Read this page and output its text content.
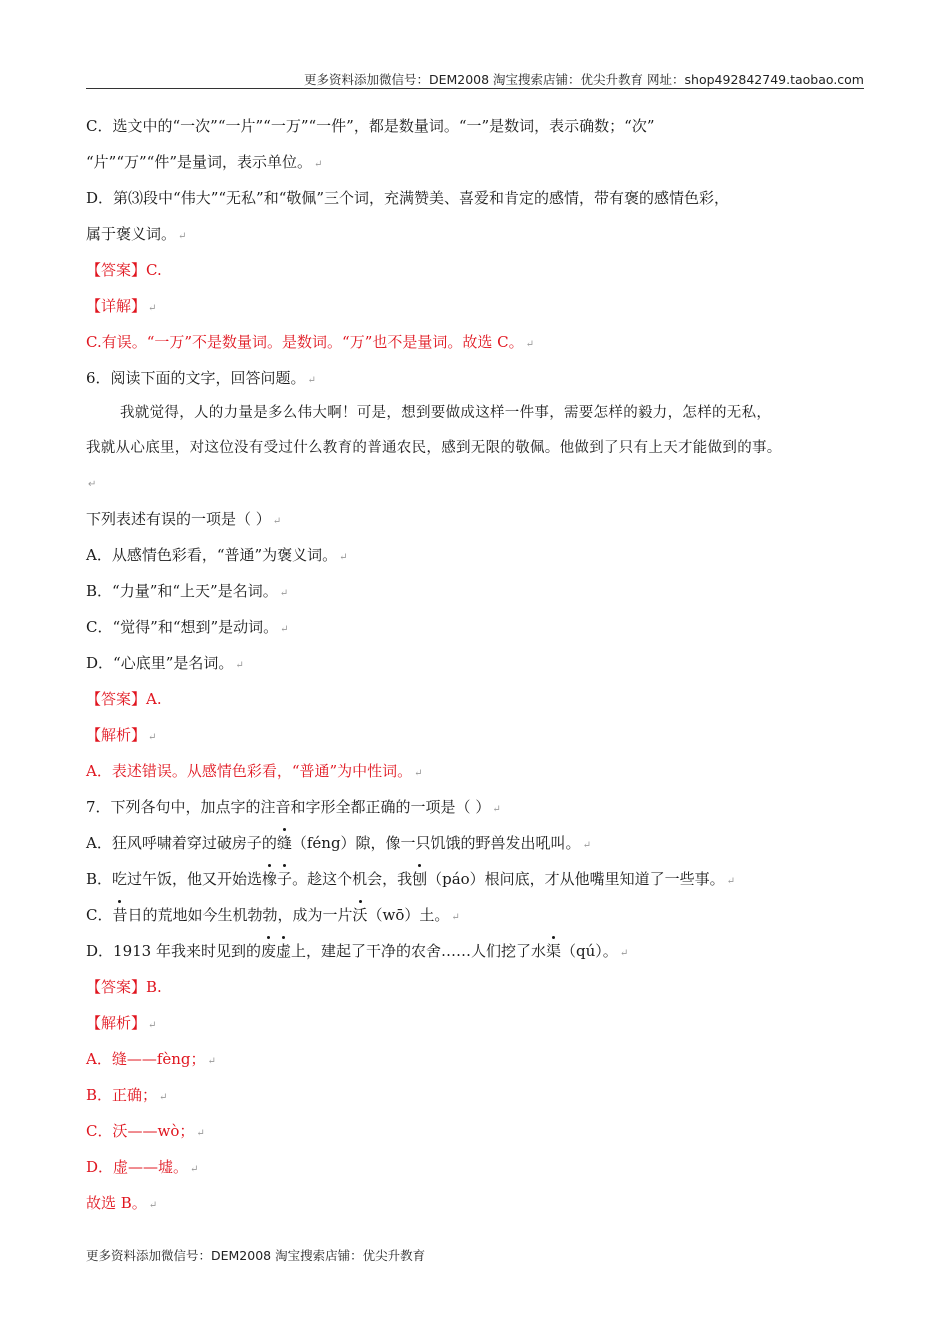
更多资料添加微信号：DEM2008 淘宝搜索店铺：优尖升教育 网址：shop492842749.taobao.com
C．选文中的“一次”“一片”“一万”“一件”，都是数量词。“一”是数词，表示确数；“次”
“片”“万”“件”是量词，表示单位。 ↵
D．第⑶段中“伟大”“无私”和“敬佩”三个词，充满赞美、喜爱和肯定的感情，带有褒的感情色彩，
属于褒义词。 ↵
【答案】C.
【详解】 ↵
C.有误。“一万”不是数量词。是数词。“万”也不是量词。故选 C。 ↵
6．阅读下面的文字，回答问题。 ↵
我就觉得，人的力量是多么伟大啊！可是，想到要做成这样一件事，需要怎样的毅力，怎样的无私，
我就从心底里，对这位没有受过什么教育的普通农民，感到无限的敬佩。他做到了只有上天才能做到的事。
↵
下列表述有误的一项是（ ） ↵
A．从感情色彩看，“普通”为褒义词。 ↵
B．“力量”和“上天”是名词。 ↵
C．“觉得”和“想到”是动词。 ↵
D．“心底里”是名词。 ↵
【答案】A.
【解析】 ↵
A．表述错误。从感情色彩看，“普通”为中性词。 ↵
7．下列各句中，加点字的注音和字形全都正确的一项是（ ） ↵
A．狂风呼啸着穿过破房子的缝（féng）隙，像一只饥饿的野兽发出吼叫。 ↵
B．吃过午饭，他又开始选橡子。趁这个机会，我刨（páo）根问底，才从他嘴里知道了一些事。 ↵
C．昔日的荒地如今生机勃勃，成为一片沃（wō）土。 ↵
D．1913 年我来时见到的废虚上，建起了干净的农舍……人们挖了水渠（qú）。 ↵
【答案】B.
【解析】 ↵
A．缝——fèng； ↵
B．正确； ↵
C．沃——wò； ↵
D．虚——墟。 ↵
故选 B。 ↵
更多资料添加微信号：DEM2008 淘宝搜索店铺：优尖升教育
